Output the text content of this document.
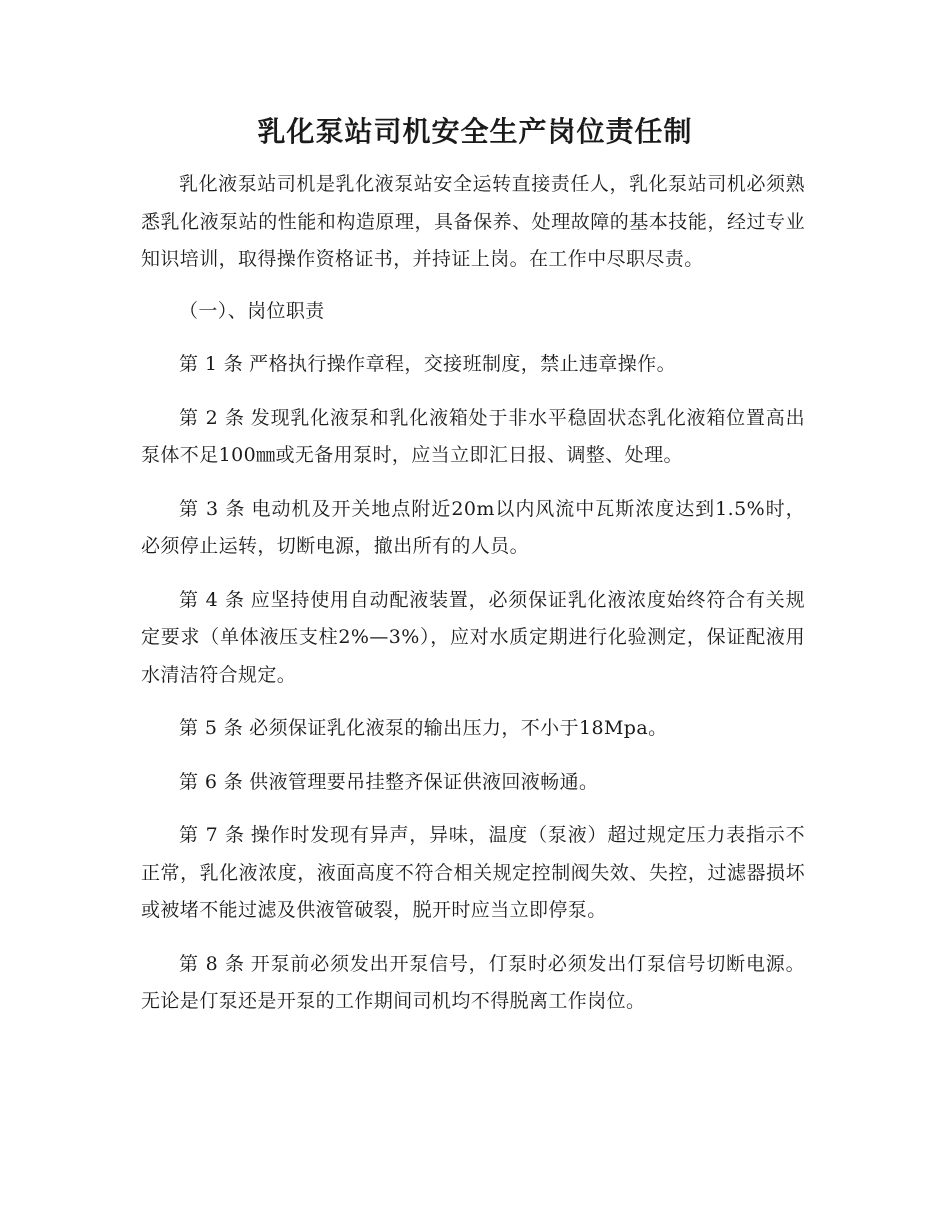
乳化泵站司机安全生产岗位责任制

乳化液泵站司机是乳化液泵站安全运转直接责任人，乳化泵站司机必须熟悉乳化液泵站的性能和构造原理，具备保养、处理故障的基本技能，经过专业知识培训，取得操作资格证书，并持证上岗。在工作中尽职尽责。

（一）、岗位职责

第 1 条 严格执行操作章程，交接班制度，禁止违章操作。

第 2 条 发现乳化液泵和乳化液箱处于非水平稳固状态乳化液箱位置高出泵体不足100㎜或无备用泵时，应当立即汇日报、调整、处理。

第 3 条 电动机及开关地点附近20m以内风流中瓦斯浓度达到1.5%时，必须停止运转，切断电源，撤出所有的人员。

第 4 条 应坚持使用自动配液装置，必须保证乳化液浓度始终符合有关规定要求（单体液压支柱2%—3%），应对水质定期进行化验测定，保证配液用水清洁符合规定。

第 5 条 必须保证乳化液泵的输出压力，不小于18Mpa。

第 6 条 供液管理要吊挂整齐保证供液回液畅通。

第 7 条 操作时发现有异声，异味，温度（泵液）超过规定压力表指示不正常，乳化液浓度，液面高度不符合相关规定控制阀失效、失控，过滤器损坏或被堵不能过滤及供液管破裂，脱开时应当立即停泵。

第 8 条 开泵前必须发出开泵信号，仃泵时必须发出仃泵信号切断电源。无论是仃泵还是开泵的工作期间司机均不得脱离工作岗位。
